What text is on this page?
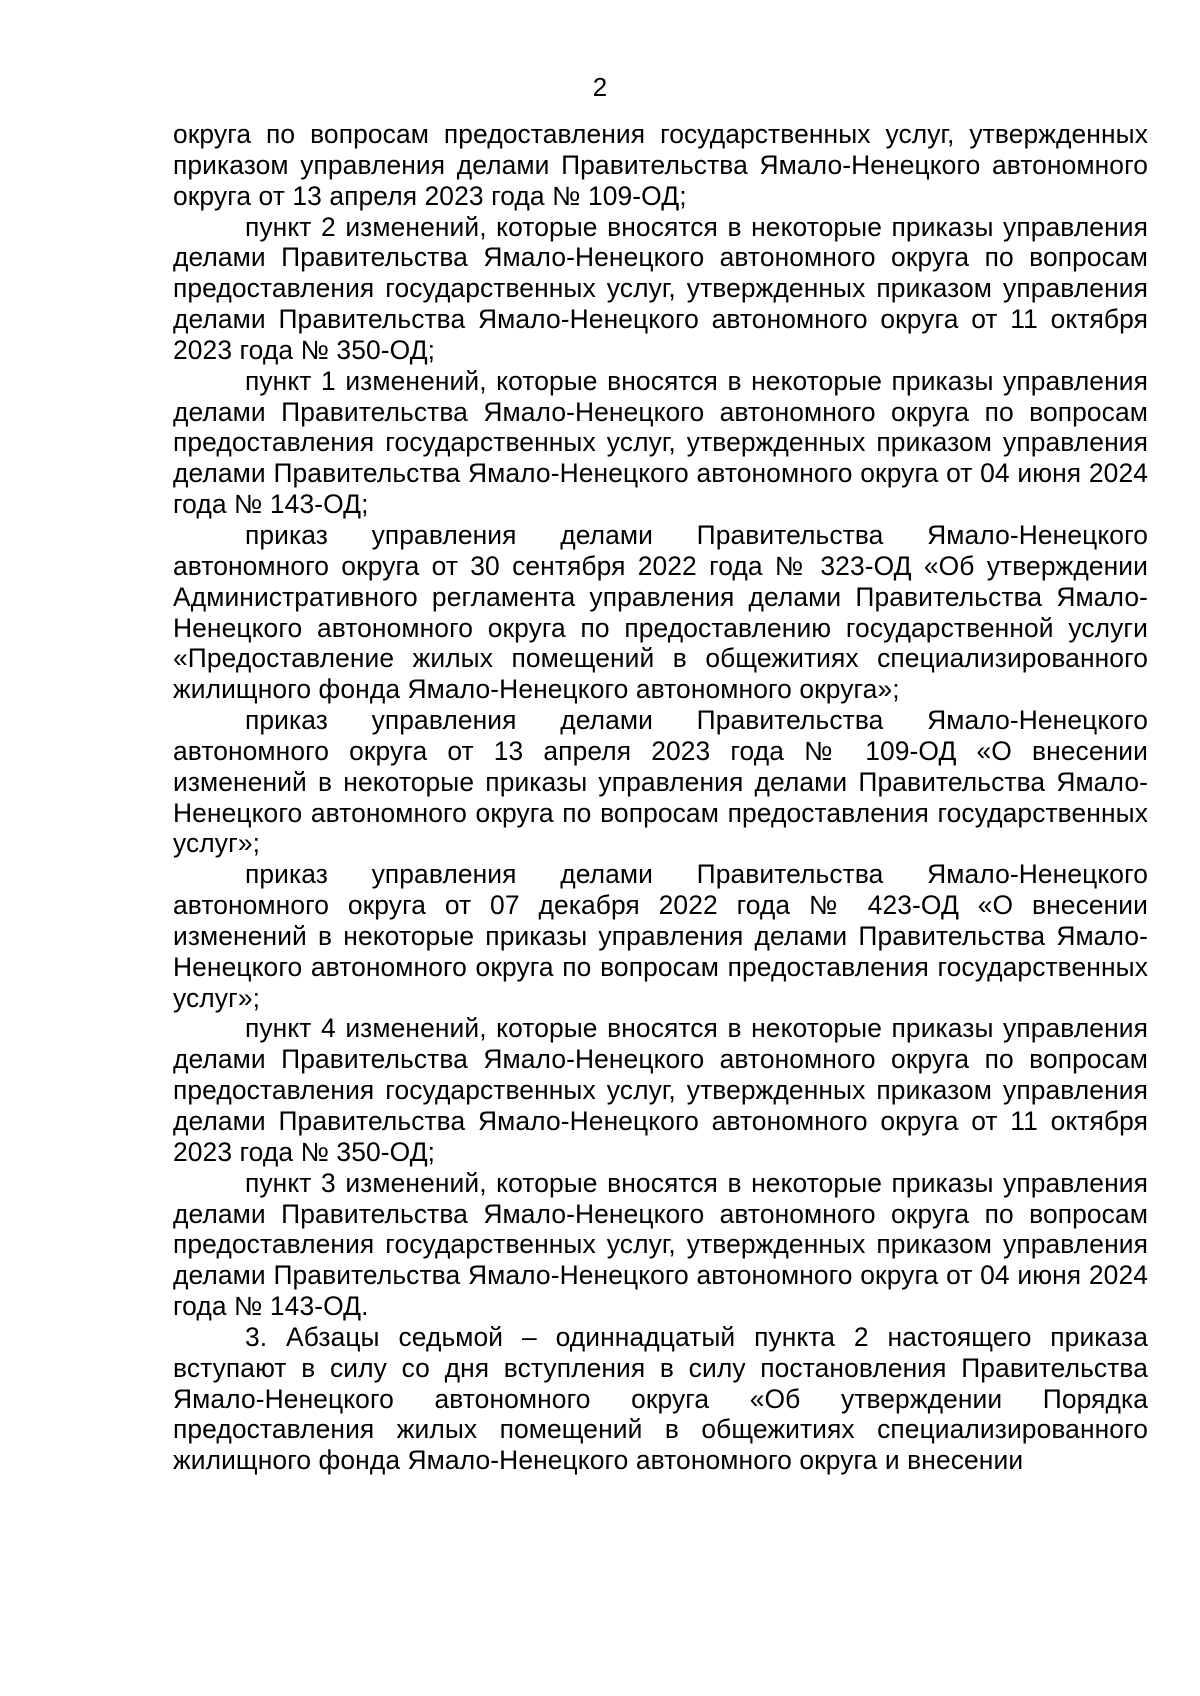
2

округа по вопросам предоставления государственных услуг, утвержденных приказом управления делами Правительства Ямало-Ненецкого автономного округа от 13 апреля 2023 года № 109-ОД;

пункт 2 изменений, которые вносятся в некоторые приказы управления делами Правительства Ямало-Ненецкого автономного округа по вопросам предоставления государственных услуг, утвержденных приказом управления делами Правительства Ямало-Ненецкого автономного округа от 11 октября 2023 года № 350-ОД;

пункт 1 изменений, которые вносятся в некоторые приказы управления делами Правительства Ямало-Ненецкого автономного округа по вопросам предоставления государственных услуг, утвержденных приказом управления делами Правительства Ямало-Ненецкого автономного округа от 04 июня 2024 года № 143-ОД;

приказ управления делами Правительства Ямало-Ненецкого автономного округа от 30 сентября 2022 года № 323-ОД «Об утверждении Административного регламента управления делами Правительства Ямало-Ненецкого автономного округа по предоставлению государственной услуги «Предоставление жилых помещений в общежитиях специализированного жилищного фонда Ямало-Ненецкого автономного округа»;

приказ управления делами Правительства Ямало-Ненецкого автономного округа от 13 апреля 2023 года № 109-ОД «О внесении изменений в некоторые приказы управления делами Правительства Ямало-Ненецкого автономного округа по вопросам предоставления государственных услуг»;

приказ управления делами Правительства Ямало-Ненецкого автономного округа от 07 декабря 2022 года № 423-ОД «О внесении изменений в некоторые приказы управления делами Правительства Ямало-Ненецкого автономного округа по вопросам предоставления государственных услуг»;

пункт 4 изменений, которые вносятся в некоторые приказы управления делами Правительства Ямало-Ненецкого автономного округа по вопросам предоставления государственных услуг, утвержденных приказом управления делами Правительства Ямало-Ненецкого автономного округа от 11 октября 2023 года № 350-ОД;

пункт 3 изменений, которые вносятся в некоторые приказы управления делами Правительства Ямало-Ненецкого автономного округа по вопросам предоставления государственных услуг, утвержденных приказом управления делами Правительства Ямало-Ненецкого автономного округа от 04 июня 2024 года № 143-ОД.

3. Абзацы седьмой – одиннадцатый пункта 2 настоящего приказа вступают в силу со дня вступления в силу постановления Правительства Ямало-Ненецкого автономного округа «Об утверждении Порядка предоставления жилых помещений в общежитиях специализированного жилищного фонда Ямало-Ненецкого автономного округа и внесении
